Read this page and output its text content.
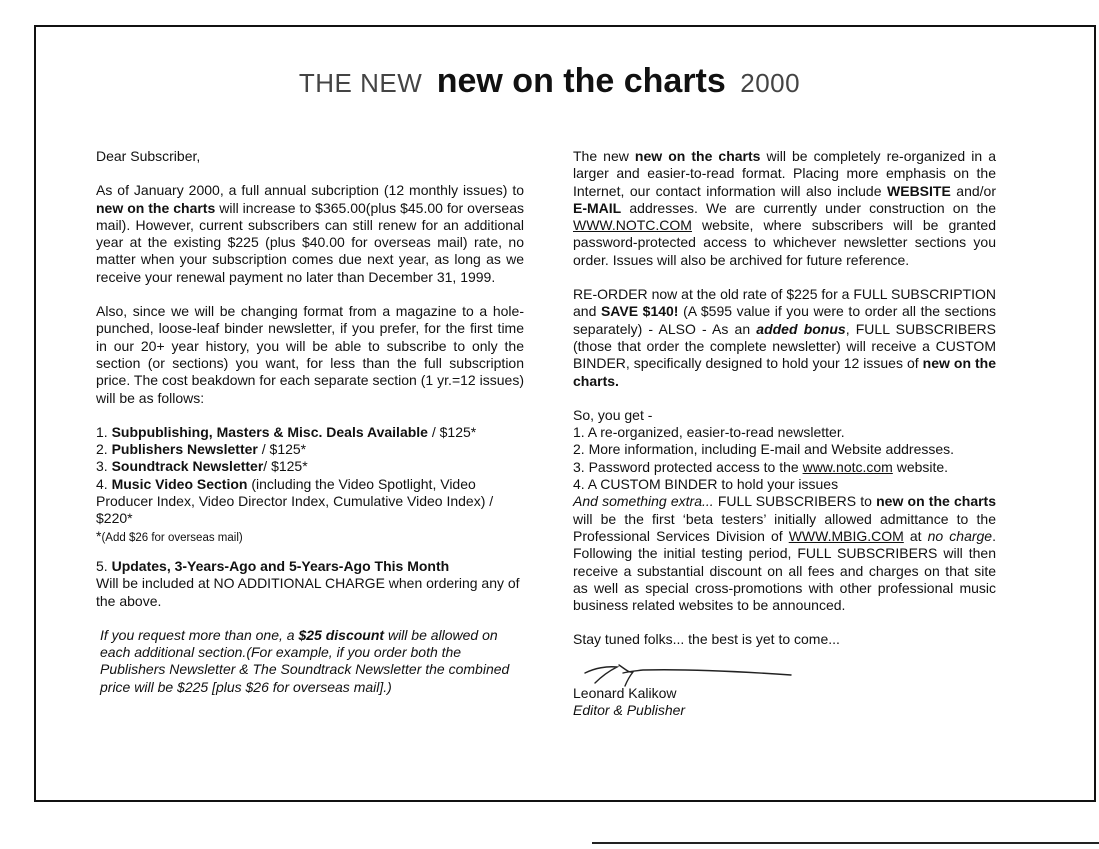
THE NEW new on the charts 2000

Dear Subscriber,

As of January 2000, a full annual subcription (12 monthly issues) to new on the charts will increase to $365.00(plus $45.00 for overseas mail). However, current subscribers can still renew for an additional year at the existing $225 (plus $40.00 for overseas mail) rate, no matter when your subscription comes due next year, as long as we receive your renewal payment no later than December 31, 1999.

Also, since we will be changing format from a magazine to a hole-punched, loose-leaf binder newsletter, if you prefer, for the first time in our 20+ year history, you will be able to subscribe to only the section (or sections) you want, for less than the full subscription price. The cost beakdown for each separate section (1 yr.=12 issues) will be as follows:

1. Subpublishing, Masters & Misc. Deals Available / $125*

2. Publishers Newsletter / $125*

3. Soundtrack Newsletter/ $125*

4. Music Video Section (including the Video Spotlight, Video Producer Index, Video Director Index, Cumulative Video Index) / $220*

*(Add $26 for overseas mail)

5. Updates, 3-Years-Ago and 5-Years-Ago This Month

Will be included at NO ADDITIONAL CHARGE when ordering any of the above.

If you request more than one, a $25 discount will be allowed on each additional section.(For example, if you order both the Publishers Newsletter & The Soundtrack Newsletter the combined price will be $225 [plus $26 for overseas mail].)

The new new on the charts will be completely re-organized in a larger and easier-to-read format. Placing more emphasis on the Internet, our contact information will also include WEBSITE and/or E-MAIL addresses. We are currently under construction on the WWW.NOTC.COM website, where subscribers will be granted password-protected access to whichever newsletter sections you order. Issues will also be archived for future reference.

RE-ORDER now at the old rate of $225 for a FULL SUBSCRIPTION and SAVE $140! (A $595 value if you were to order all the sections separately) - ALSO - As an added bonus, FULL SUBSCRIBERS (those that order the complete newsletter) will receive a CUSTOM BINDER, specifically designed to hold your 12 issues of new on the charts.

So, you get -

1. A re-organized, easier-to-read newsletter.

2. More information, including E-mail and Website addresses.

3. Password protected access to the www.notc.com website.

4. A CUSTOM BINDER to hold your issues

And something extra... FULL SUBSCRIBERS to new on the charts will be the first ‘beta testers’ initially allowed admittance to the Professional Services Division of WWW.MBIG.COM at no charge. Following the initial testing period, FULL SUBSCRIBERS will then receive a substantial discount on all fees and charges on that site as well as special cross-promotions with other professional music business related websites to be announced.

Stay tuned folks... the best is yet to come...

Leonard Kalikow

Editor & Publisher
